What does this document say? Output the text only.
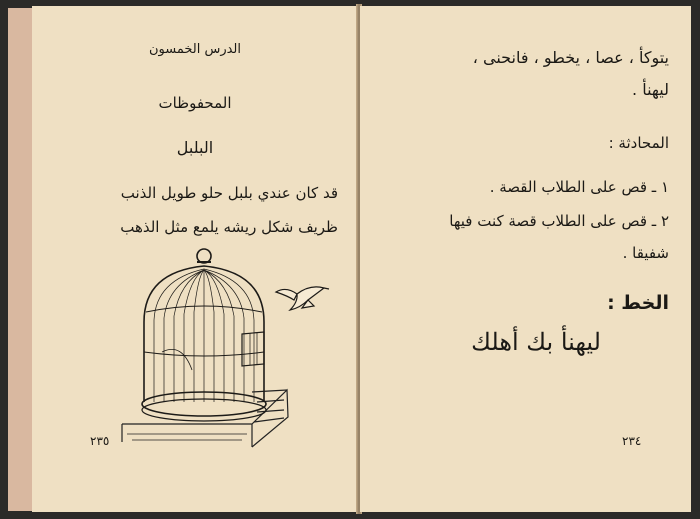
الدرس الخمسون
المحفوظات
البلبل
قد كان عندي بلبل حلو طويل الذنب
ظريف شكل ريشه يلمع مثل الذهب
٢٣٥
يتوكأ ، عصا ، يخطو ، فانحنى ،
ليهنأ .
المحادثة :
١ ـ قص على الطلاب القصة .
٢ ـ قص على الطلاب قصة كنت فيها
شفيقا .
الخط :
ليهنأ بك أهلك
٢٣٤
